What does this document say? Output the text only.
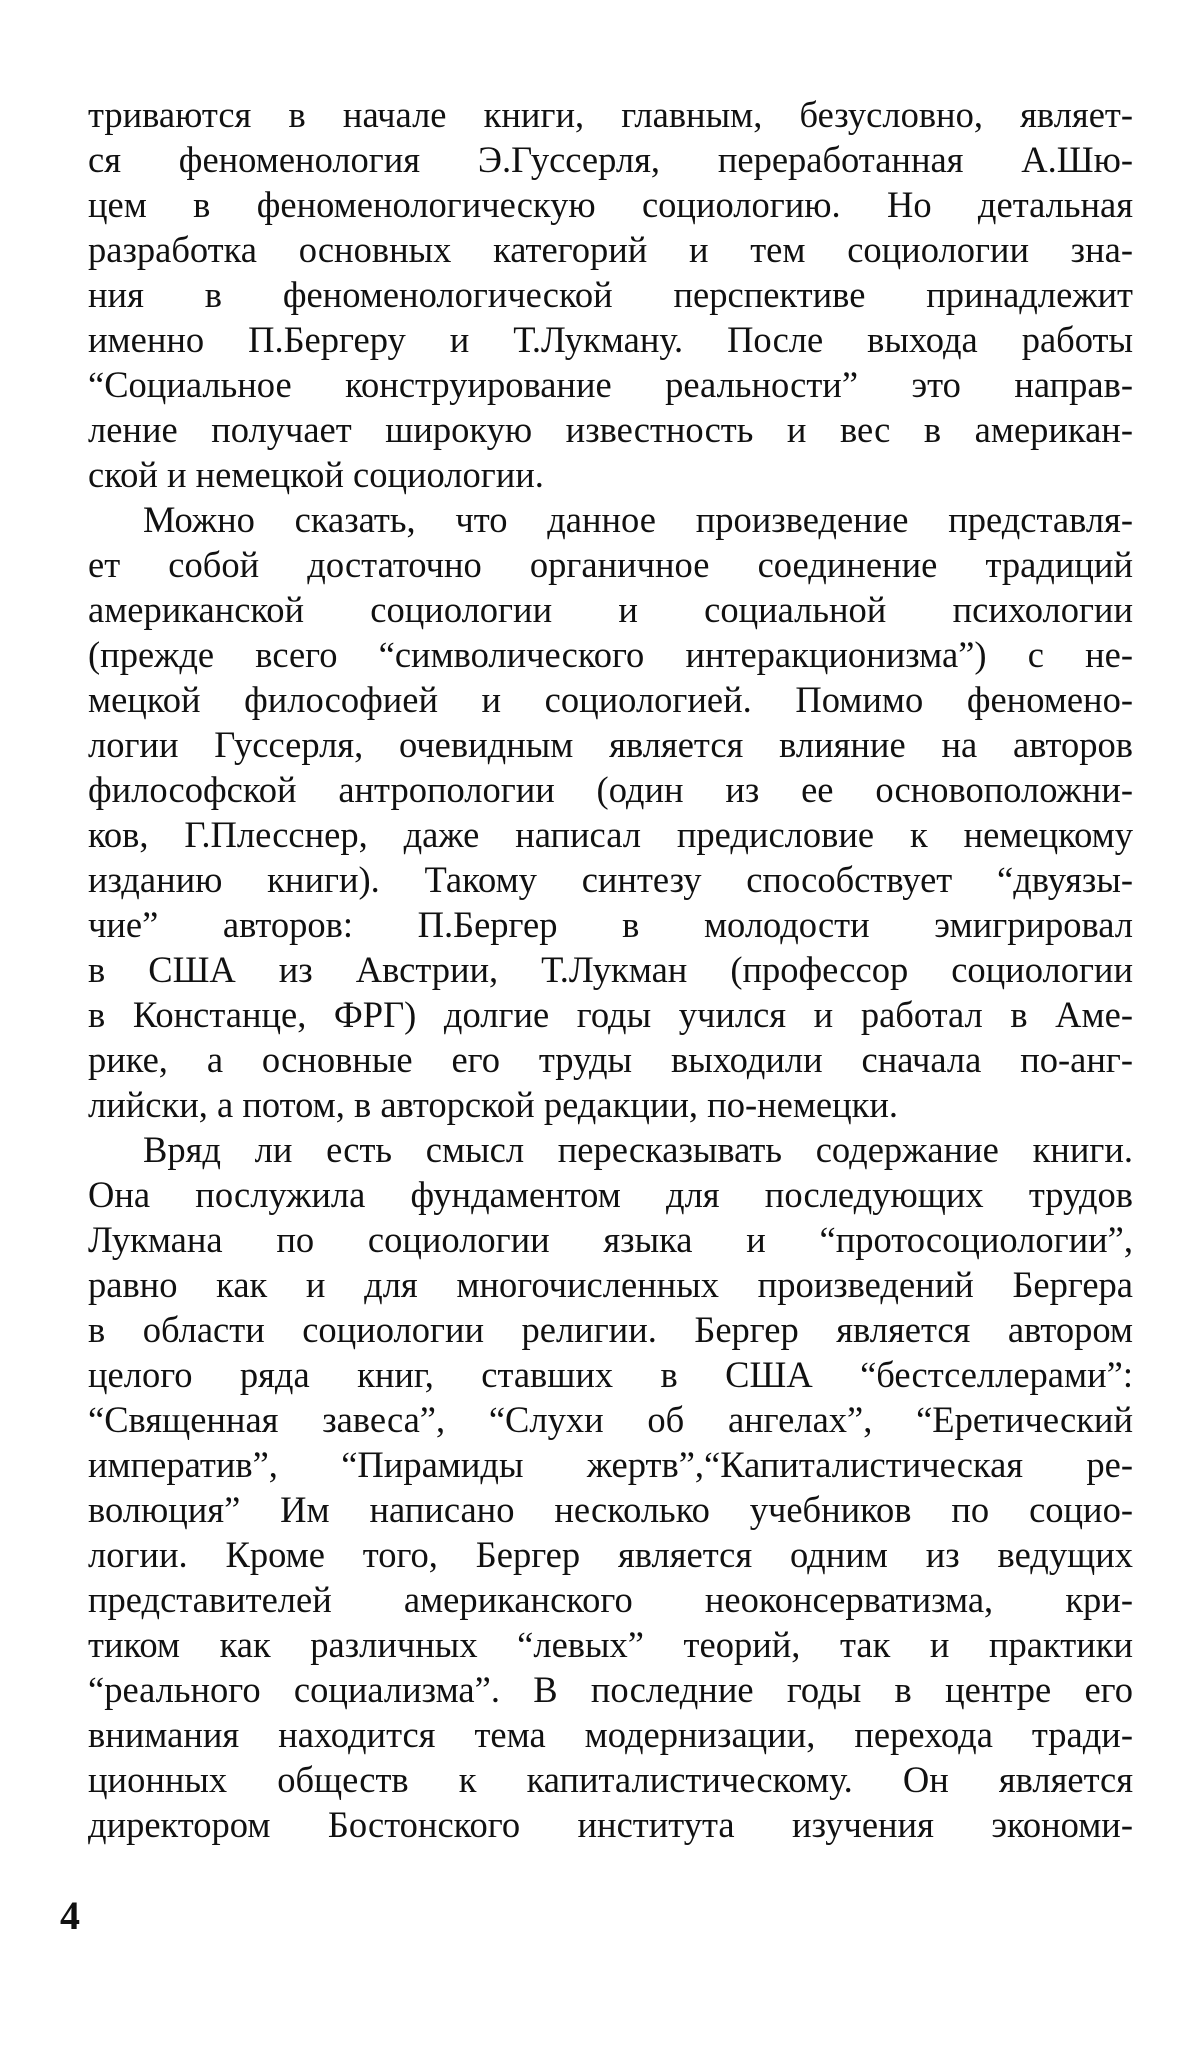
триваются в начале книги, главным, безусловно, являет-
ся феноменология Э.Гуссерля, переработанная А.Шю-
цем в феноменологическую социологию. Но детальная
разработка основных категорий и тем социологии зна-
ния в феноменологической перспективе принадлежит
именно П.Бергеру и Т.Лукману. После выхода работы
“Социальное конструирование реальности” это направ-
ление получает широкую известность и вес в американ-
ской и немецкой социологии.
Можно сказать, что данное произведение представля-
ет собой достаточно органичное соединение традиций
американской социологии и социальной психологии
(прежде всего “символического интеракционизма”) с не-
мецкой философией и социологией. Помимо феномено-
логии Гуссерля, очевидным является влияние на авторов
философской антропологии (один из ее основоположни-
ков, Г.Плесснер, даже написал предисловие к немецкому
изданию книги). Такому синтезу способствует “двуязы-
чие” авторов: П.Бергер в молодости эмигрировал
в США из Австрии, Т.Лукман (профессор социологии
в Констанце, ФРГ) долгие годы учился и работал в Аме-
рике, а основные его труды выходили сначала по-анг-
лийски, а потом, в авторской редакции, по-немецки.
Вряд ли есть смысл пересказывать содержание книги.
Она послужила фундаментом для последующих трудов
Лукмана по социологии языка и “протосоциологии”,
равно как и для многочисленных произведений Бергера
в области социологии религии. Бергер является автором
целого ряда книг, ставших в США “бестселлерами”:
“Священная завеса”, “Слухи об ангелах”, “Еретический
императив”, “Пирамиды жертв”,“Капиталистическая ре-
волюция” Им написано несколько учебников по социо-
логии. Кроме того, Бергер является одним из ведущих
представителей американского неоконсерватизма, кри-
тиком как различных “левых” теорий, так и практики
“реального социализма”. В последние годы в центре его
внимания находится тема модернизации, перехода тради-
ционных обществ к капиталистическому. Он является
директором Бостонского института изучения экономи-
4
